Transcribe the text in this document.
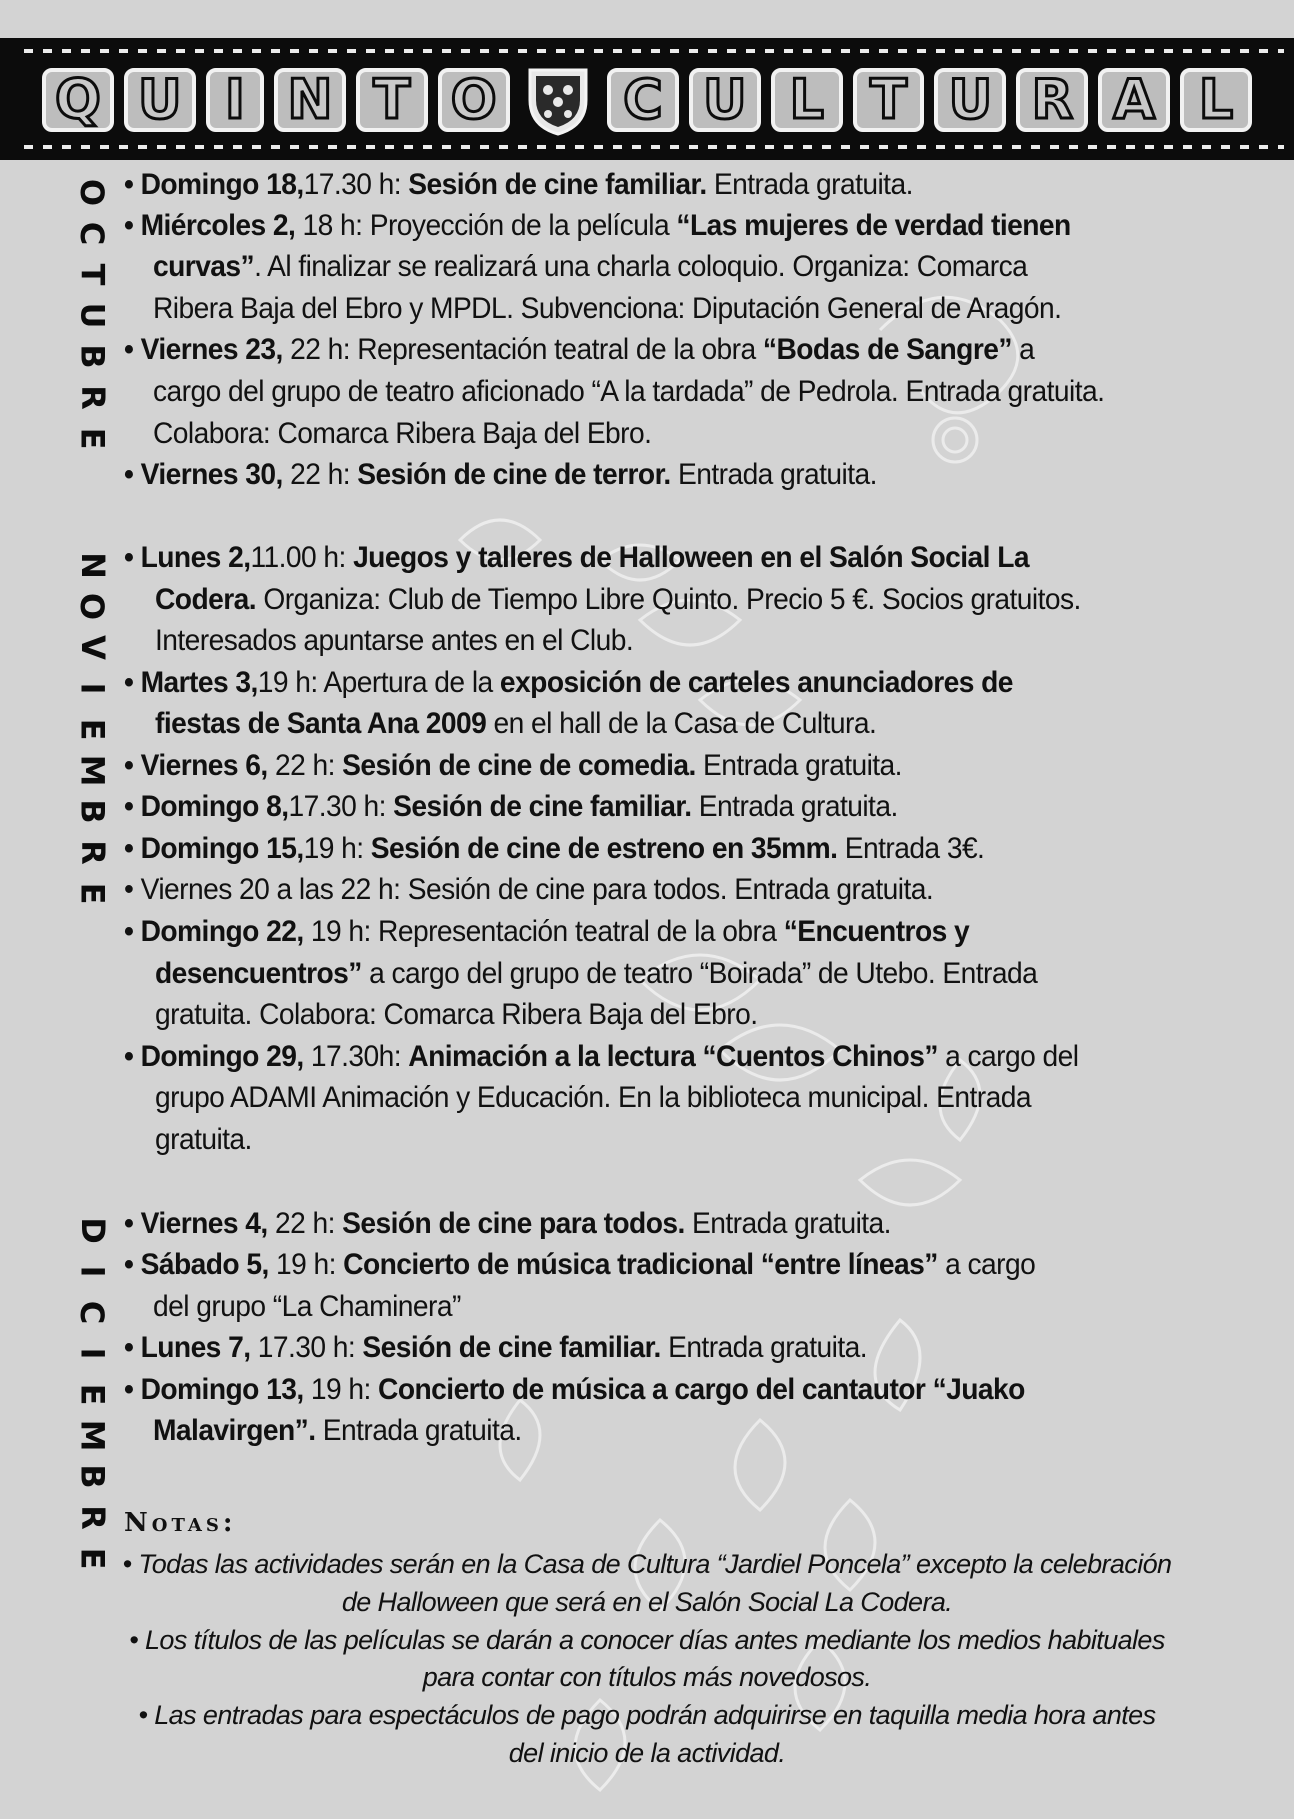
Q U I N T O C U L T U R A L
O
C
T
U
B
R
E
N
O
V
I
E
M
B
R
E
D
I
C
I
E
M
B
R
E
• Domingo 18,17.30 h: Sesión de cine familiar. Entrada gratuita.
• Miércoles 2, 18 h: Proyección de la película “Las mujeres de verdad tienen
curvas”. Al finalizar se realizará una charla coloquio. Organiza: Comarca
Ribera Baja del Ebro y MPDL. Subvenciona: Diputación General de Aragón.
• Viernes 23, 22 h: Representación teatral de la obra “Bodas de Sangre” a
cargo del grupo de teatro aficionado “A la tardada” de Pedrola. Entrada gratuita.
Colabora: Comarca Ribera Baja del Ebro.
• Viernes 30, 22 h: Sesión de cine de terror. Entrada gratuita.
• Lunes 2,11.00 h: Juegos y talleres de Halloween en el Salón Social La
Codera. Organiza: Club de Tiempo Libre Quinto. Precio 5 €. Socios gratuitos.
Interesados apuntarse antes en el Club.
• Martes 3,19 h: Apertura de la exposición de carteles anunciadores de
fiestas de Santa Ana 2009 en el hall de la Casa de Cultura.
• Viernes 6, 22 h: Sesión de cine de comedia. Entrada gratuita.
• Domingo 8,17.30 h: Sesión de cine familiar. Entrada gratuita.
• Domingo 15,19 h: Sesión de cine de estreno en 35mm. Entrada 3€.
• Viernes 20 a las 22 h: Sesión de cine para todos. Entrada gratuita.
• Domingo 22, 19 h: Representación teatral de la obra “Encuentros y
desencuentros” a cargo del grupo de teatro “Boirada” de Utebo. Entrada
gratuita. Colabora: Comarca Ribera Baja del Ebro.
• Domingo 29, 17.30h: Animación a la lectura “Cuentos Chinos” a cargo del
grupo ADAMI Animación y Educación. En la biblioteca municipal. Entrada
gratuita.
• Viernes 4, 22 h: Sesión de cine para todos. Entrada gratuita.
• Sábado 5, 19 h: Concierto de música tradicional “entre líneas” a cargo
del grupo “La Chaminera”
• Lunes 7, 17.30 h: Sesión de cine familiar. Entrada gratuita.
• Domingo 13, 19 h: Concierto de música a cargo del cantautor “Juako
Malavirgen”. Entrada gratuita.
Notas:
• Todas las actividades serán en la Casa de Cultura “Jardiel Poncela” excepto la celebración
de Halloween que será en el Salón Social La Codera.
• Los títulos de las películas se darán a conocer días antes mediante los medios habituales
para contar con títulos más novedosos.
• Las entradas para espectáculos de pago podrán adquirirse en taquilla media hora antes
del inicio de la actividad.
